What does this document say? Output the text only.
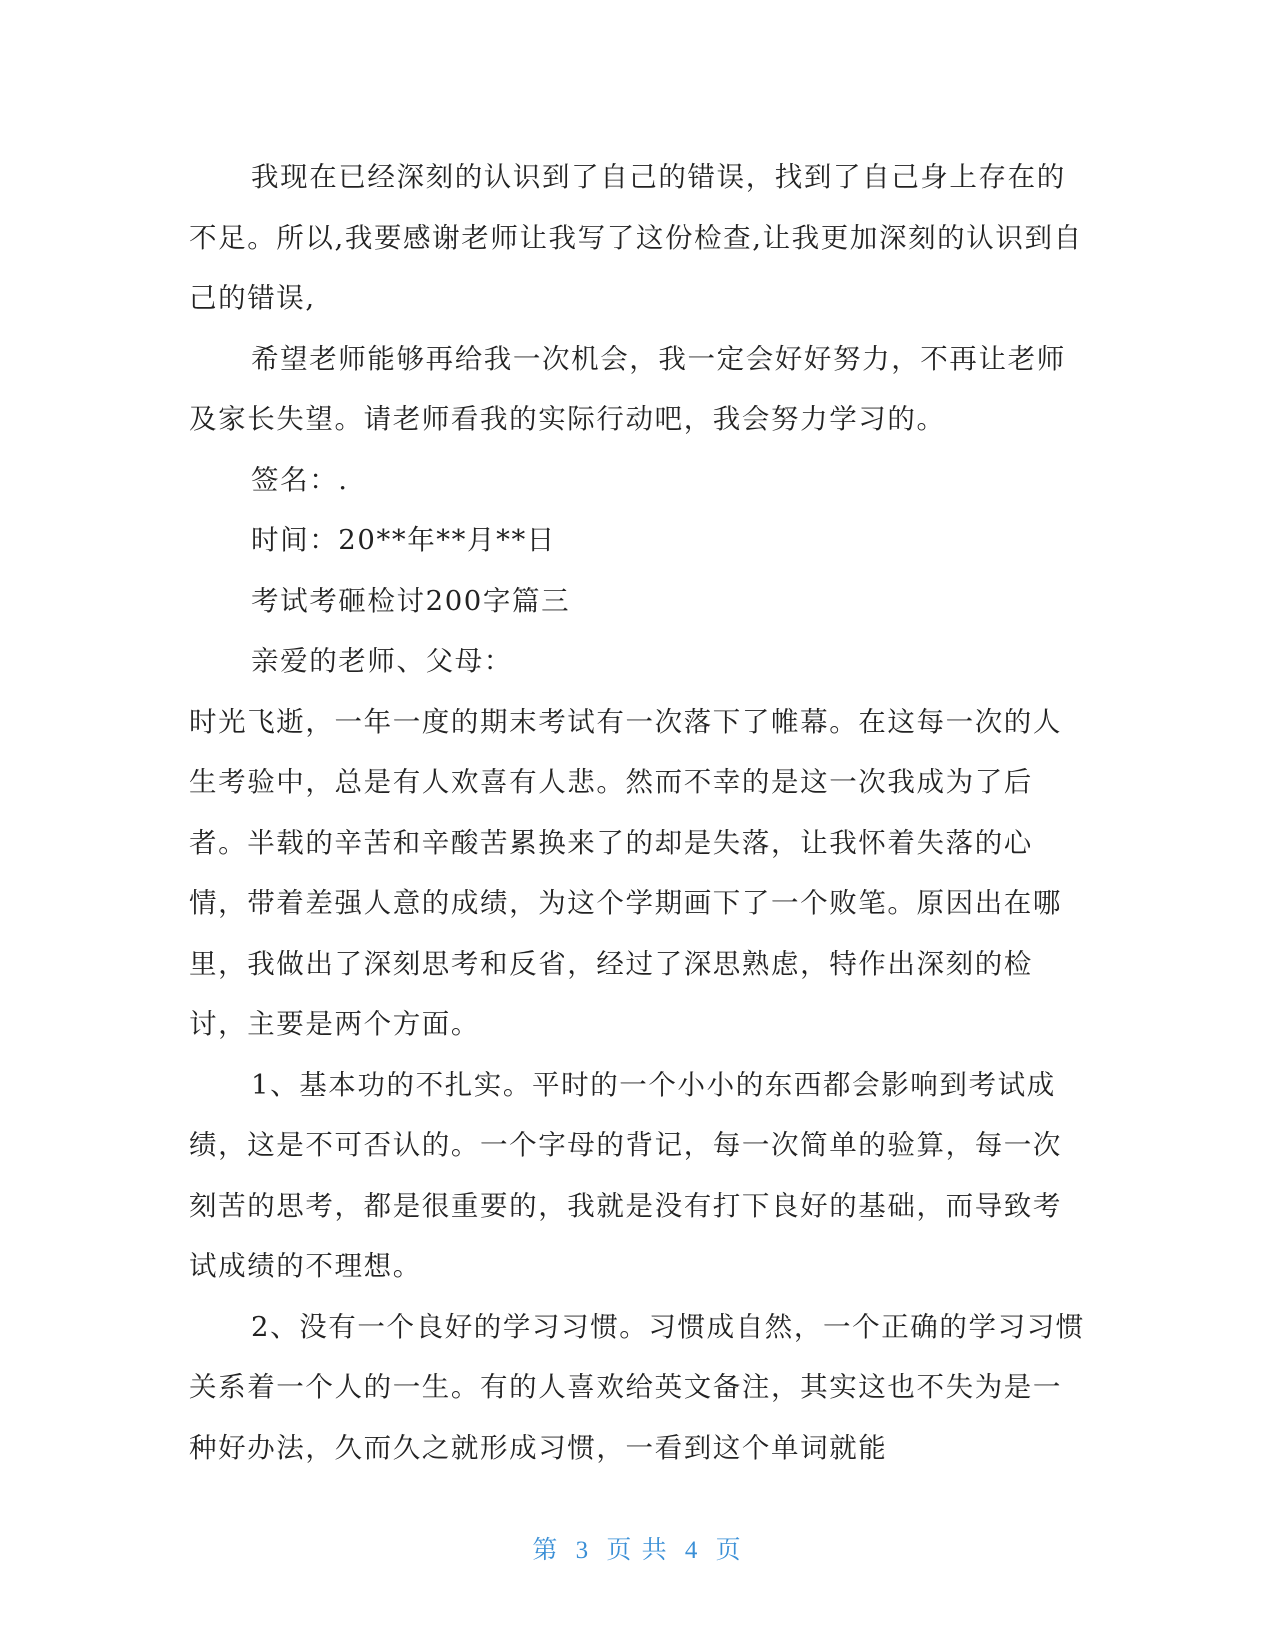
我现在已经深刻的认识到了自己的错误，找到了自己身上存在的不足。所以,我要感谢老师让我写了这份检查,让我更加深刻的认识到自己的错误,

希望老师能够再给我一次机会，我一定会好好努力，不再让老师及家长失望。请老师看我的实际行动吧，我会努力学习的。

签名：.

时间：20**年**月**日

考试考砸检讨200字篇三

亲爱的老师、父母：

时光飞逝，一年一度的期末考试有一次落下了帷幕。在这每一次的人生考验中，总是有人欢喜有人悲。然而不幸的是这一次我成为了后者。半载的辛苦和辛酸苦累换来了的却是失落，让我怀着失落的心情，带着差强人意的成绩，为这个学期画下了一个败笔。原因出在哪里，我做出了深刻思考和反省，经过了深思熟虑，特作出深刻的检讨，主要是两个方面。

1、基本功的不扎实。平时的一个小小的东西都会影响到考试成绩，这是不可否认的。一个字母的背记，每一次简单的验算，每一次刻苦的思考，都是很重要的，我就是没有打下良好的基础，而导致考试成绩的不理想。

2、没有一个良好的学习习惯。习惯成自然，一个正确的学习习惯关系着一个人的一生。有的人喜欢给英文备注，其实这也不失为是一种好办法，久而久之就形成习惯，一看到这个单词就能

第 3 页 共 4 页
